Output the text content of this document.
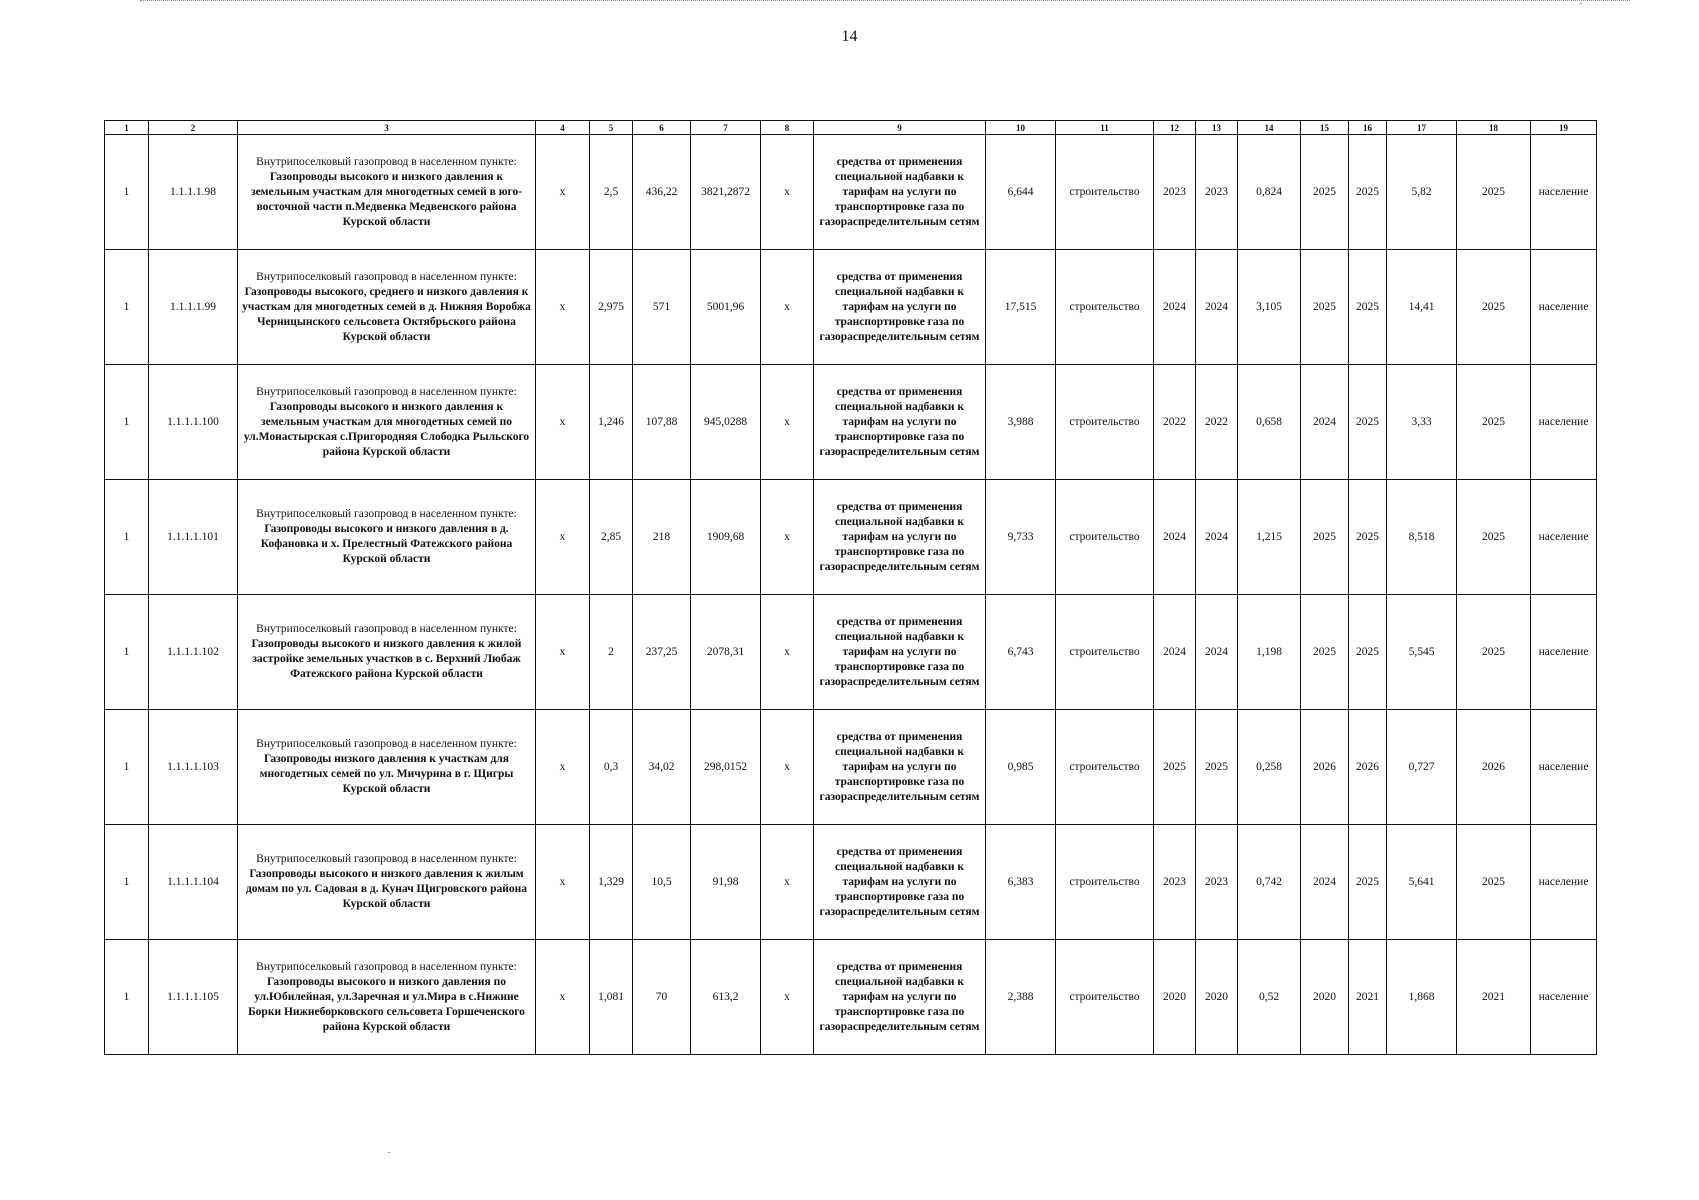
14
1	2	3	4	5	6	7	8	9	10	11	12	13	14	15	16	17	18	19
1	1.1.1.1.98	Внутрипоселковый газопровод в населенном пункте:
Газопроводы высокого и низкого давления к земельным участкам для многодетных семей в юго-восточной части п.Медвенка Медвенского района Курской области	x	2,5	436,22	3821,2872	x	средства от применения специальной надбавки к тарифам на услуги по транспортировке газа по газораспределительным сетям	6,644	строительство	2023	2023	0,824	2025	2025	5,82	2025	население
1	1.1.1.1.99	Внутрипоселковый газопровод в населенном пункте:
Газопроводы высокого, среднего и низкого давления к участкам для многодетных семей в д. Нижняя Воробжа Черницынского сельсовета Октябрьского района Курской области	x	2,975	571	5001,96	x	средства от применения специальной надбавки к тарифам на услуги по транспортировке газа по газораспределительным сетям	17,515	строительство	2024	2024	3,105	2025	2025	14,41	2025	население
1	1.1.1.1.100	Внутрипоселковый газопровод в населенном пункте:
Газопроводы высокого и низкого давления к земельным участкам для многодетных семей по ул.Монастырская с.Пригородняя Слободка Рыльского района Курской области	x	1,246	107,88	945,0288	x	средства от применения специальной надбавки к тарифам на услуги по транспортировке газа по газораспределительным сетям	3,988	строительство	2022	2022	0,658	2024	2025	3,33	2025	население
1	1.1.1.1.101	Внутрипоселковый газопровод в населенном пункте:
Газопроводы высокого и низкого давления в д. Кофановка и х. Прелестный Фатежского района Курской области	x	2,85	218	1909,68	x	средства от применения специальной надбавки к тарифам на услуги по транспортировке газа по газораспределительным сетям	9,733	строительство	2024	2024	1,215	2025	2025	8,518	2025	население
1	1.1.1.1.102	Внутрипоселковый газопровод в населенном пункте:
Газопроводы высокого и низкого давления к жилой застройке земельных участков в с. Верхний Любаж Фатежского района Курской области	x	2	237,25	2078,31	x	средства от применения специальной надбавки к тарифам на услуги по транспортировке газа по газораспределительным сетям	6,743	строительство	2024	2024	1,198	2025	2025	5,545	2025	население
1	1.1.1.1.103	Внутрипоселковый газопровод в населенном пункте:
Газопроводы низкого давления к участкам для многодетных семей по ул. Мичурина в г. Щигры Курской области	x	0,3	34,02	298,0152	x	средства от применения специальной надбавки к тарифам на услуги по транспортировке газа по газораспределительным сетям	0,985	строительство	2025	2025	0,258	2026	2026	0,727	2026	население
1	1.1.1.1.104	Внутрипоселковый газопровод в населенном пункте:
Газопроводы высокого и низкого давления к жилым домам по ул. Садовая в д. Кунач Щигровского района Курской области	x	1,329	10,5	91,98	x	средства от применения специальной надбавки к тарифам на услуги по транспортировке газа по газораспределительным сетям	6,383	строительство	2023	2023	0,742	2024	2025	5,641	2025	население
1	1.1.1.1.105	Внутрипоселковый газопровод в населенном пункте:
Газопроводы высокого и низкого давления по ул.Юбилейная, ул.Заречная и ул.Мира в с.Нижние Борки Нижнеборковского сельсовета Горшеченского района Курской области	x	1,081	70	613,2	x	средства от применения специальной надбавки к тарифам на услуги по транспортировке газа по газораспределительным сетям	2,388	строительство	2020	2020	0,52	2020	2021	1,868	2021	население
